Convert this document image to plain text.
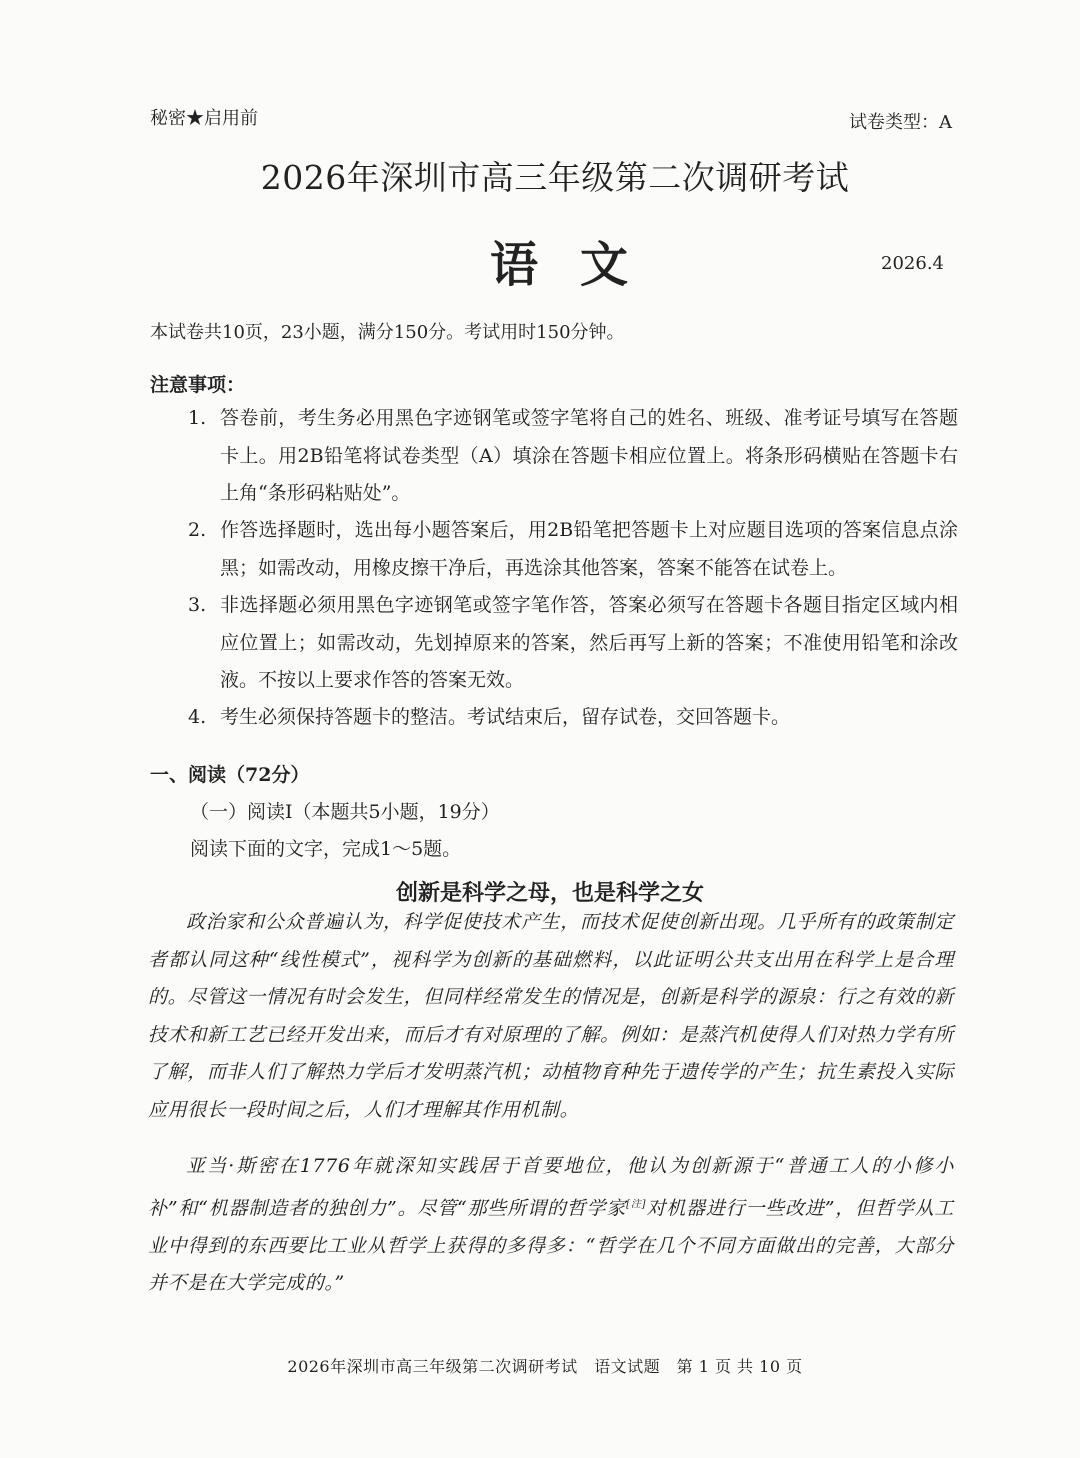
秘密★启用前	试卷类型：A
2026年深圳市高三年级第二次调研考试
语文	2026.4
本试卷共10页，23小题，满分150分。考试用时150分钟。
注意事项：
1. 答卷前，考生务必用黑色字迹钢笔或签字笔将自己的姓名、班级、准考证号填写在答题卡上。用2B铅笔将试卷类型（A）填涂在答题卡相应位置上。将条形码横贴在答题卡右上角“条形码粘贴处”。
2. 作答选择题时，选出每小题答案后，用2B铅笔把答题卡上对应题目选项的答案信息点涂黑；如需改动，用橡皮擦干净后，再选涂其他答案，答案不能答在试卷上。
3. 非选择题必须用黑色字迹钢笔或签字笔作答，答案必须写在答题卡各题目指定区域内相应位置上；如需改动，先划掉原来的答案，然后再写上新的答案；不准使用铅笔和涂改液。不按以上要求作答的答案无效。
4. 考生必须保持答题卡的整洁。考试结束后，留存试卷，交回答题卡。
一、阅读（72分）
（一）阅读Ⅰ（本题共5小题，19分）
阅读下面的文字，完成1～5题。
创新是科学之母，也是科学之女

政治家和公众普遍认为，科学促使技术产生，而技术促使创新出现。几乎所有的政策制定者都认同这种“线性模式”，视科学为创新的基础燃料，以此证明公共支出用在科学上是合理的。尽管这一情况有时会发生，但同样经常发生的情况是，创新是科学的源泉：行之有效的新技术和新工艺已经开发出来，而后才有对原理的了解。例如：是蒸汽机使得人们对热力学有所了解，而非人们了解热力学后才发明蒸汽机；动植物育种先于遗传学的产生；抗生素投入实际应用很长一段时间之后，人们才理解其作用机制。

亚当·斯密在1776年就深知实践居于首要地位，他认为创新源于“普通工人的小修小补”和“机器制造者的独创力”。尽管“那些所谓的哲学家[注]对机器进行一些改进”，但哲学从工业中得到的东西要比工业从哲学上获得的多得多：“哲学在几个不同方面做出的完善，大部分并不是在大学完成的。”

2026年深圳市高三年级第二次调研考试　语文试题　第 1 页 共 10 页
